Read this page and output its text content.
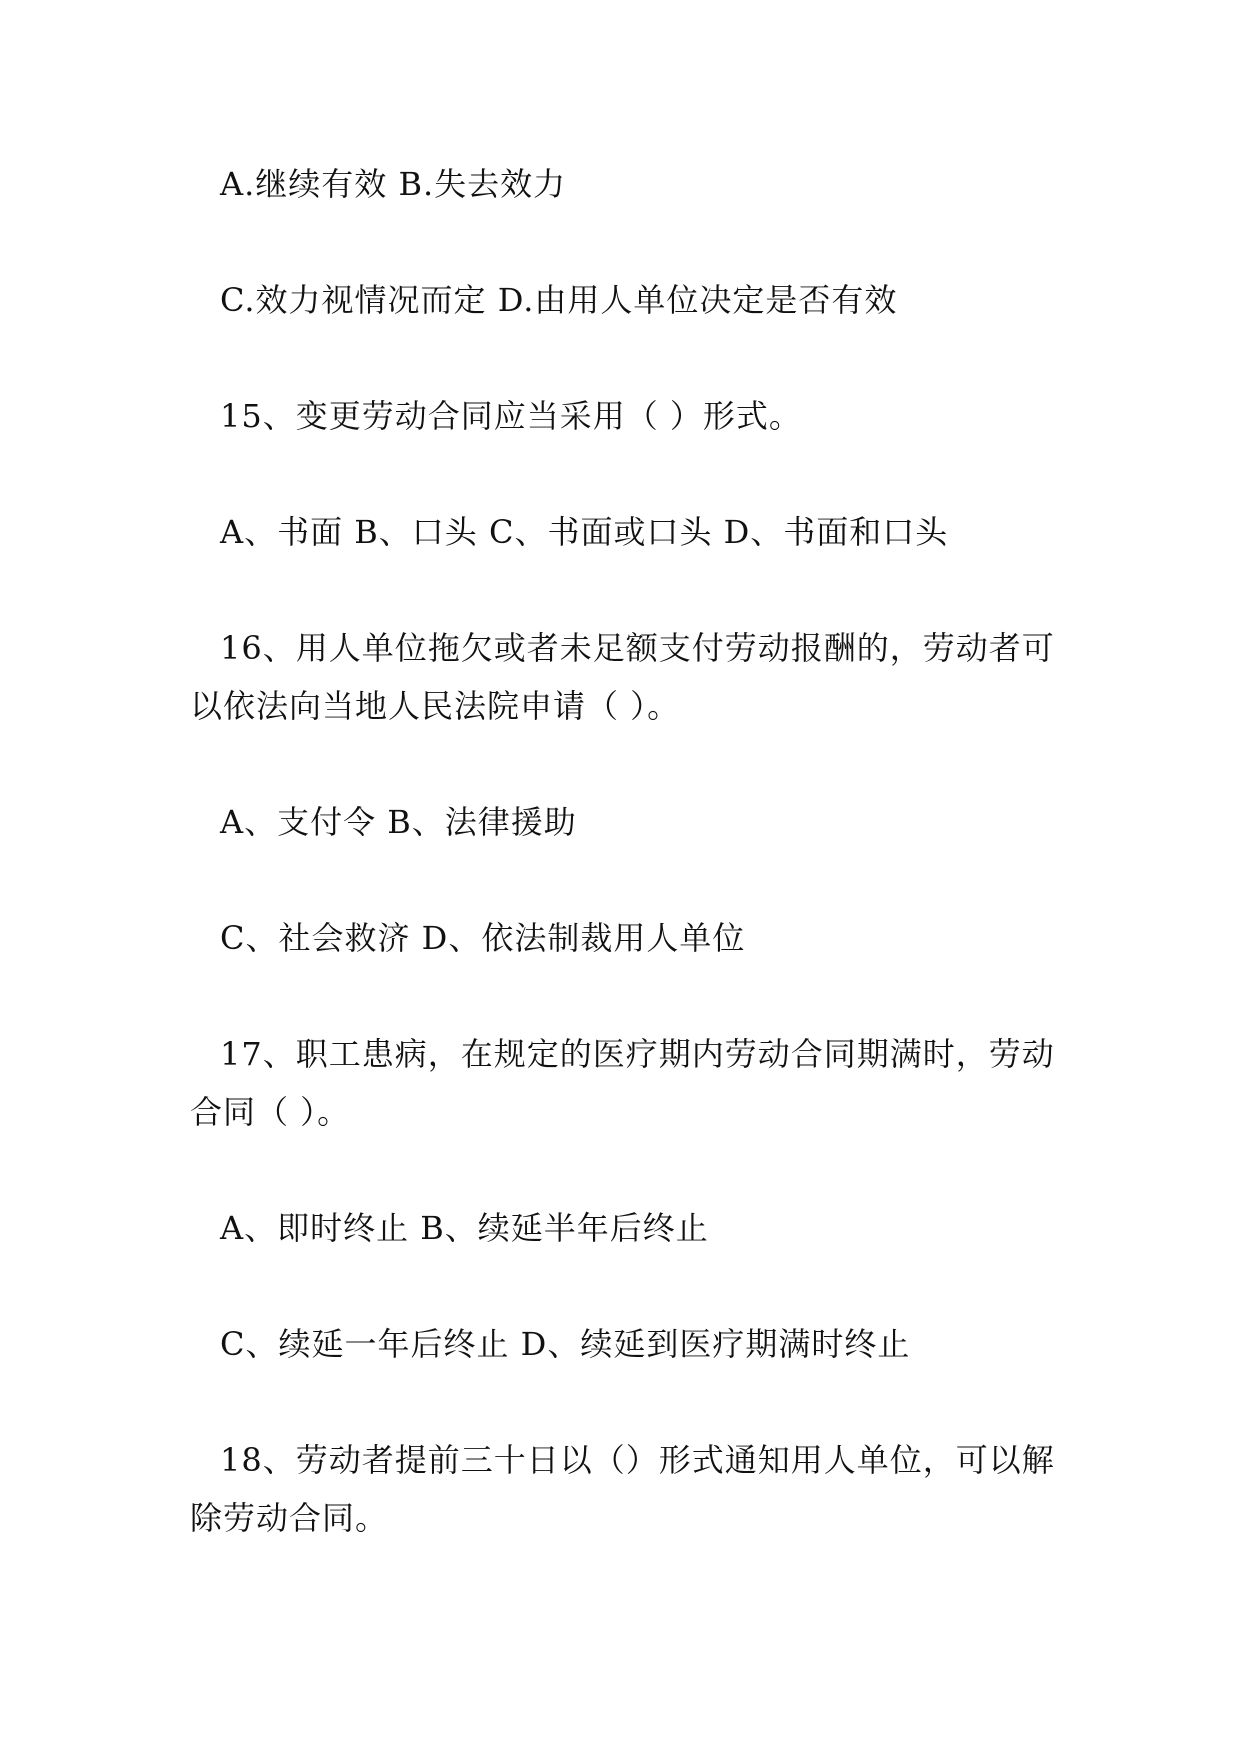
A.继续有效 B.失去效力
C.效力视情况而定 D.由用人单位决定是否有效
15、变更劳动合同应当采用（ ）形式。
A、书面 B、口头 C、书面或口头 D、书面和口头
16、用人单位拖欠或者未足额支付劳动报酬的，劳动者可
以依法向当地人民法院申请（ ）。
A、支付令 B、法律援助
C、社会救济 D、依法制裁用人单位
17、职工患病，在规定的医疗期内劳动合同期满时，劳动
合同（ ）。
A、即时终止 B、续延半年后终止
C、续延一年后终止 D、续延到医疗期满时终止
18、劳动者提前三十日以（）形式通知用人单位，可以解
除劳动合同。
